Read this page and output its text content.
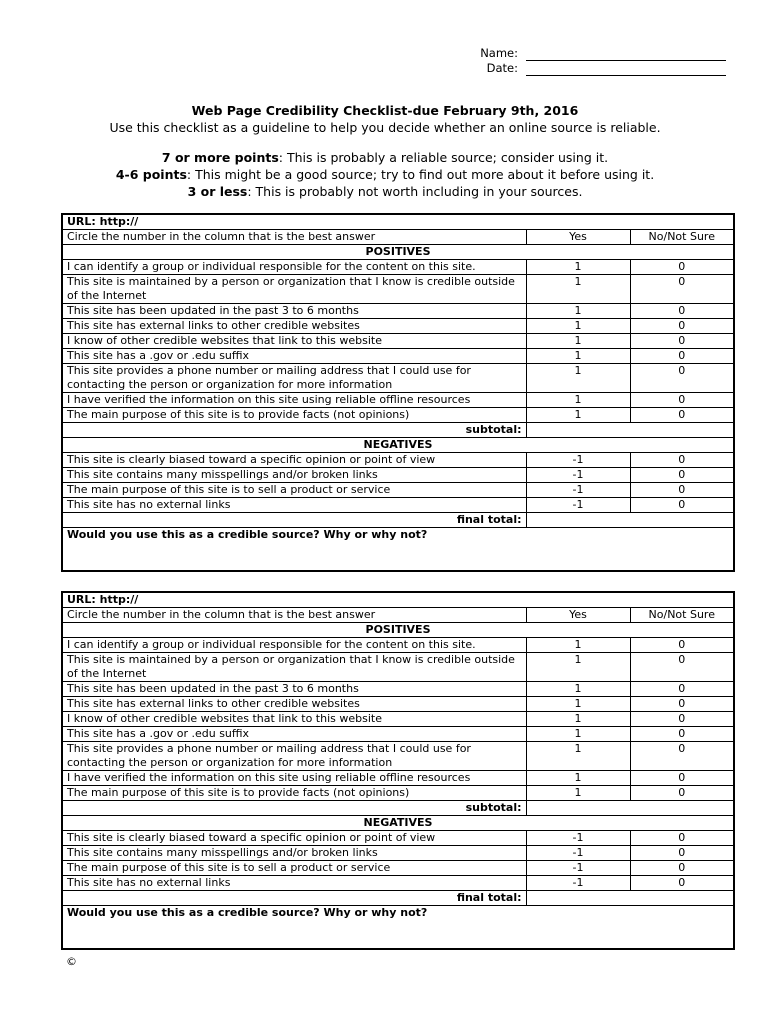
Name:
Date:
Web Page Credibility Checklist-due February 9th, 2016
Use this checklist as a guideline to help you decide whether an online source is reliable.
7 or more points: This is probably a reliable source; consider using it.
4-6 points: This might be a good source; try to find out more about it before using it.
3 or less: This is probably not worth including in your sources.
URL: http://		
Circle the number in the column that is the best answer	Yes	No/Not Sure
POSITIVES		
I can identify a group or individual responsible for the content on this site.	1	0
This site is maintained by a person or organization that I know is credible outside of the Internet	1	0
This site has been updated in the past 3 to 6 months	1	0
This site has external links to other credible websites	1	0
I know of other credible websites that link to this website	1	0
This site has a .gov or .edu suffix	1	0
This site provides a phone number or mailing address that I could use for contacting the person or organization for more information	1	0
I have verified the information on this site using reliable offline resources	1	0
The main purpose of this site is to provide facts (not opinions)	1	0
subtotal:		
NEGATIVES		
This site is clearly biased toward a specific opinion or point of view	-1	0
This site contains many misspellings and/or broken links	-1	0
The main purpose of this site is to sell a product or service	-1	0
This site has no external links	-1	0
final total:		
Would you use this as a credible source? Why or why not?		
URL: http://		
Circle the number in the column that is the best answer	Yes	No/Not Sure
POSITIVES		
I can identify a group or individual responsible for the content on this site.	1	0
This site is maintained by a person or organization that I know is credible outside of the Internet	1	0
This site has been updated in the past 3 to 6 months	1	0
This site has external links to other credible websites	1	0
I know of other credible websites that link to this website	1	0
This site has a .gov or .edu suffix	1	0
This site provides a phone number or mailing address that I could use for contacting the person or organization for more information	1	0
I have verified the information on this site using reliable offline resources	1	0
The main purpose of this site is to provide facts (not opinions)	1	0
subtotal:		
NEGATIVES		
This site is clearly biased toward a specific opinion or point of view	-1	0
This site contains many misspellings and/or broken links	-1	0
The main purpose of this site is to sell a product or service	-1	0
This site has no external links	-1	0
final total:		
Would you use this as a credible source? Why or why not?		
©
